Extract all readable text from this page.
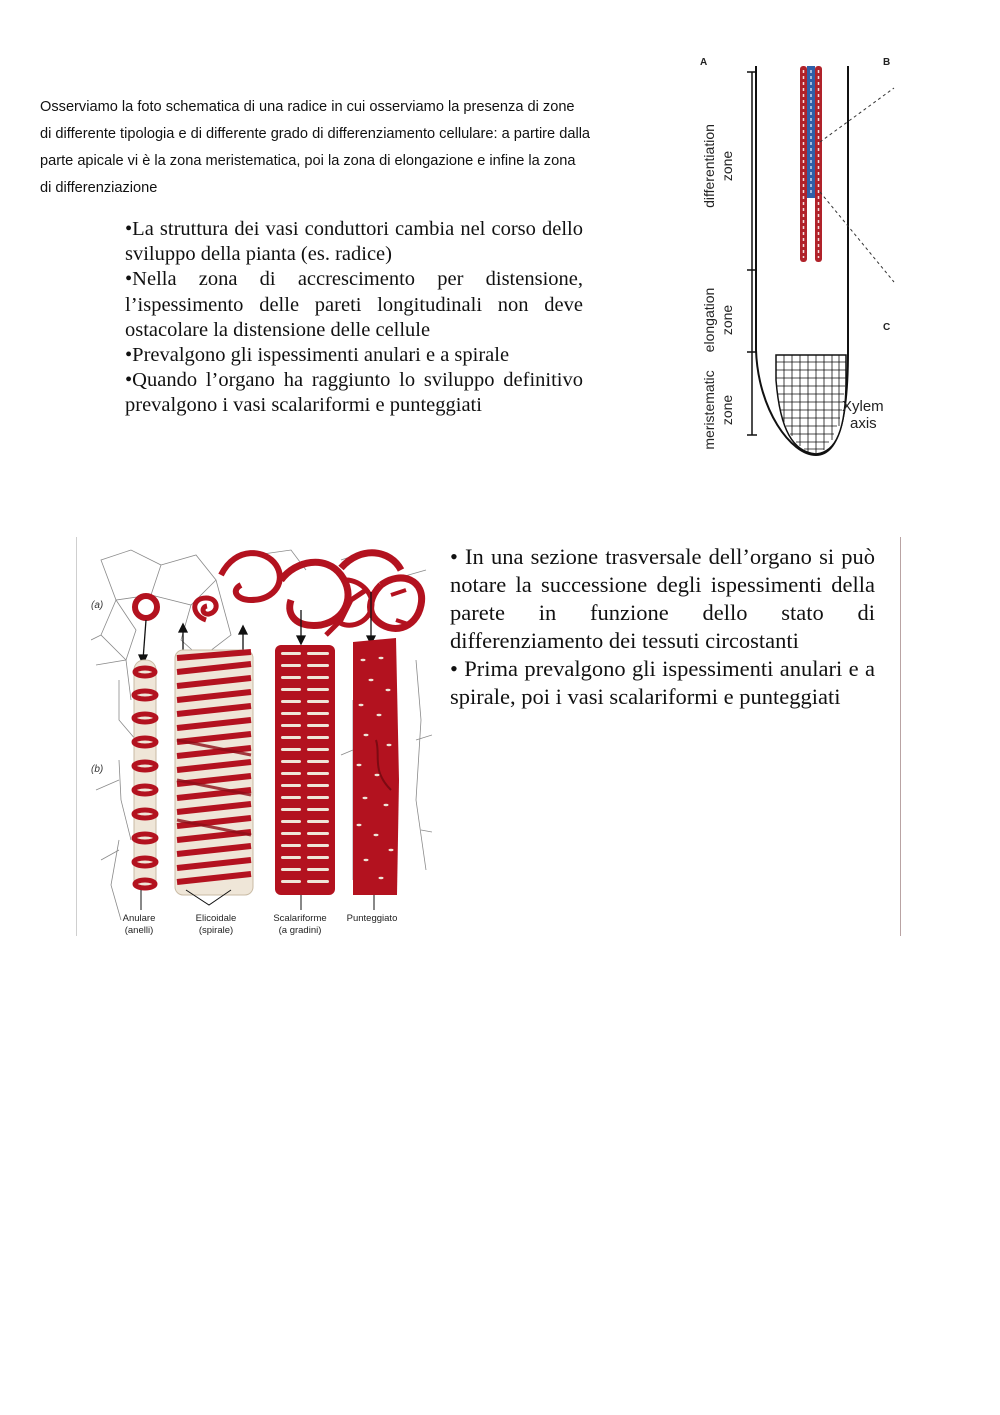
Osserviamo la foto schematica di una radice in cui osserviamo la presenza di zone

di differente tipologia e di differente grado di differenziamento cellulare: a partire dalla

parte apicale vi è la zona meristematica, poi la zona di elongazione e infine la zona

di differenziazione

•La struttura dei vasi conduttori cambia nel corso dello sviluppo della pianta (es. radice)

•Nella zona di accrescimento per distensione, l’ispessimento delle pareti longitudinali non deve ostacolare la distensione delle cellule

•Prevalgono gli ispessimenti anulari e a spirale

•Quando l’organo ha raggiunto lo sviluppo definitivo prevalgono i vasi scalariformi e punteggiati

A	B
C
differentiation zone
elongation zone
meristematic zone	Xylem
axis
(a)
(b)
Anulare
(anelli)
Elicoidale
(spirale)
Scalariforme
(a gradini)
Punteggiato

• In una sezione trasversale dell’organo si può notare la successione degli ispessimenti della parete in funzione dello stato di differenziamento dei tessuti circostanti

• Prima prevalgono gli ispessimenti anulari e a spirale, poi i vasi scalariformi e punteggiati
